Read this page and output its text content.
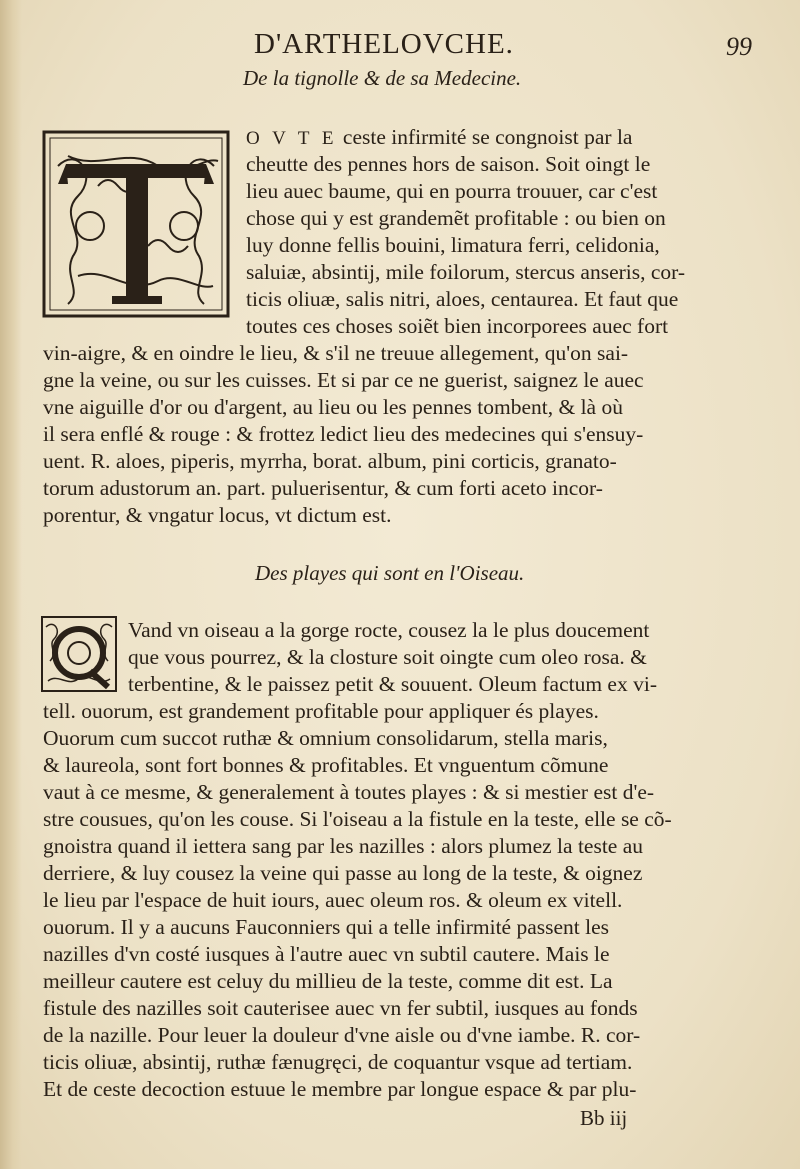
D'ARTHELOVCHE.	99
De la tignolle & de sa Medecine.
O V T E ceste infirmité se congnoist par la
cheutte des pennes hors de saison. Soit oingt le
lieu auec baume, qui en pourra trouuer, car c'est
chose qui y est grandemẽt profitable : ou bien on
luy donne fellis bouini, limatura ferri, celidonia,
saluiæ, absintij, mile foilorum, stercus anseris, cor-
ticis oliuæ, salis nitri, aloes, centaurea. Et faut que
toutes ces choses soiẽt bien incorporees auec fort
vin-aigre, & en oindre le lieu, & s'il ne treuue allegement, qu'on sai-
gne la veine, ou sur les cuisses. Et si par ce ne guerist, saignez le auec
vne aiguille d'or ou d'argent, au lieu ou les pennes tombent, & là où
il sera enflé & rouge : & frottez ledict lieu des medecines qui s'ensuy-
uent. R. aloes, piperis, myrrha, borat. album, pini corticis, granato-
torum adustorum an. part. puluerisentur, & cum forti aceto incor-
porentur, & vngatur locus, vt dictum est.
Des playes qui sont en l'Oiseau.
Vand vn oiseau a la gorge rocte, cousez la le plus doucement
que vous pourrez, & la closture soit oingte cum oleo rosa. &
terbentine, & le paissez petit & souuent. Oleum factum ex vi-
tell. ouorum, est grandement profitable pour appliquer és playes.
Ouorum cum succot ruthæ & omnium consolidarum, stella maris,
& laureola, sont fort bonnes & profitables. Et vnguentum cõmune
vaut à ce mesme, & generalement à toutes playes : & si mestier est d'e-
stre cousues, qu'on les couse. Si l'oiseau a la fistule en la teste, elle se cõ-
gnoistra quand il iettera sang par les nazilles : alors plumez la teste au
derriere, & luy cousez la veine qui passe au long de la teste, & oignez
le lieu par l'espace de huit iours, auec oleum ros. & oleum ex vitell.
ouorum. Il y a aucuns Fauconniers qui a telle infirmité passent les
nazilles d'vn costé iusques à l'autre auec vn subtil cautere. Mais le
meilleur cautere est celuy du millieu de la teste, comme dit est. La
fistule des nazilles soit cauterisee auec vn fer subtil, iusques au fonds
de la nazille. Pour leuer la douleur d'vne aisle ou d'vne iambe. R. cor-
ticis oliuæ, absintij, ruthæ fænugręci, de coquantur vsque ad tertiam.
Et de ceste decoction estuue le membre par longue espace & par plu-
Bb iij
